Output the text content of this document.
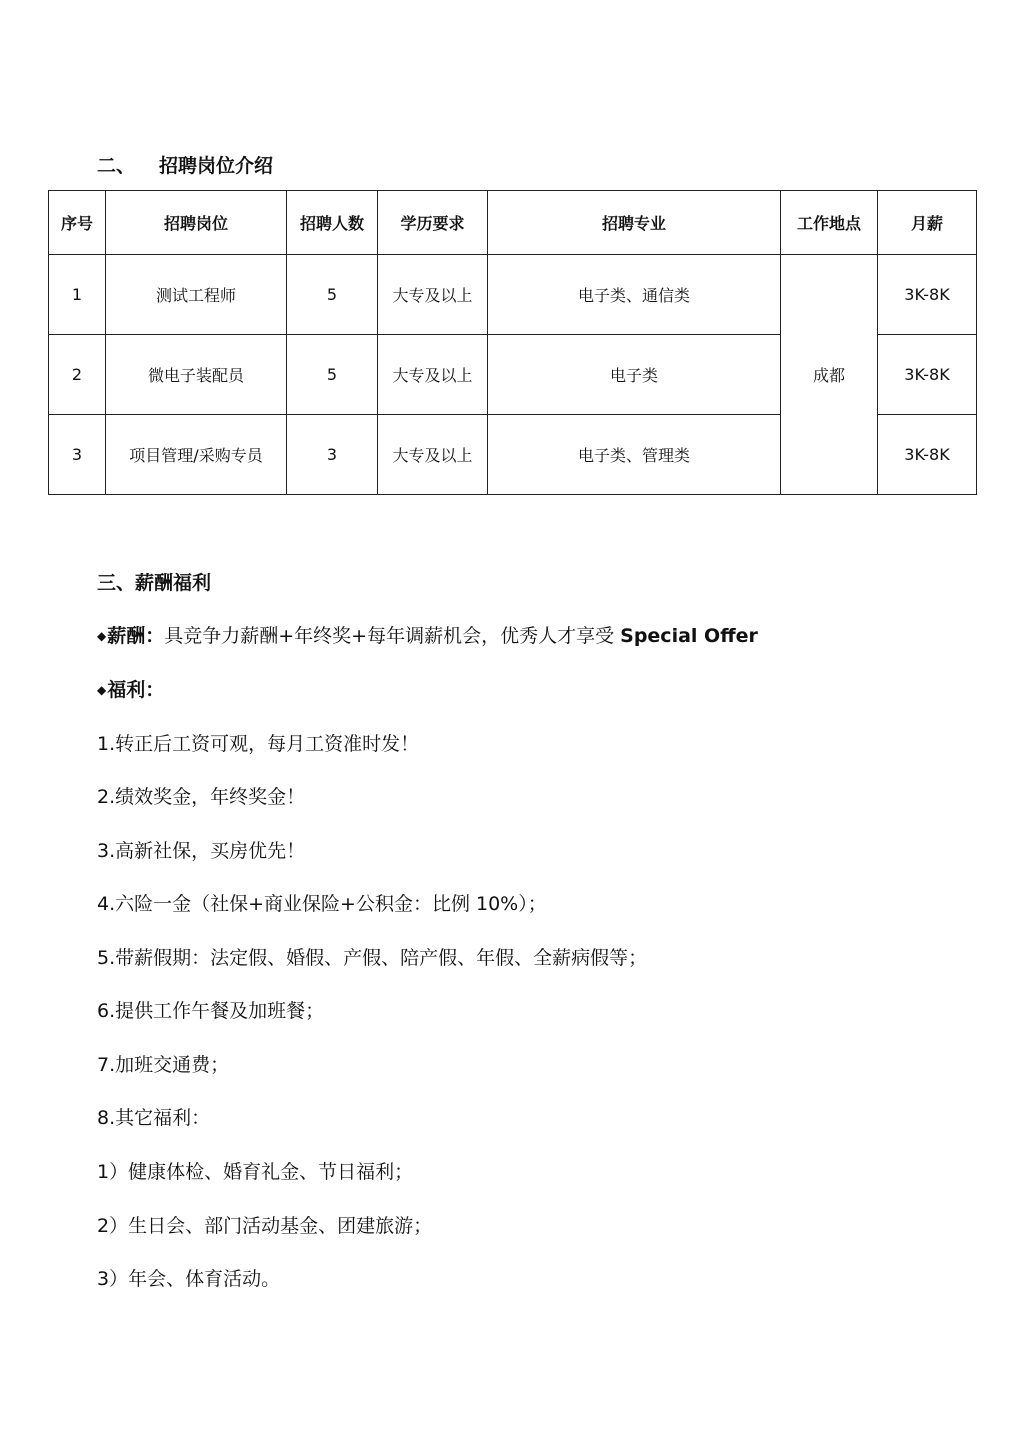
二、 招聘岗位介绍
序号	招聘岗位	招聘人数	学历要求	招聘专业	工作地点	月薪
1	测试工程师	5	大专及以上	电子类、通信类	成都	3K-8K
2	微电子装配员	5	大专及以上	电子类		3K-8K
3	项目管理/采购专员	3	大专及以上	电子类、管理类		3K-8K
三、薪酬福利
◆薪酬：具竞争力薪酬+年终奖+每年调薪机会，优秀人才享受 Special Offer
◆福利：
1.转正后工资可观，每月工资准时发！
2.绩效奖金，年终奖金！
3.高新社保，买房优先！
4.六险一金（社保+商业保险+公积金：比例 10%）；
5.带薪假期：法定假、婚假、产假、陪产假、年假、全薪病假等；
6.提供工作午餐及加班餐；
7.加班交通费；
8.其它福利：
1）健康体检、婚育礼金、节日福利；
2）生日会、部门活动基金、团建旅游；
3）年会、体育活动。
